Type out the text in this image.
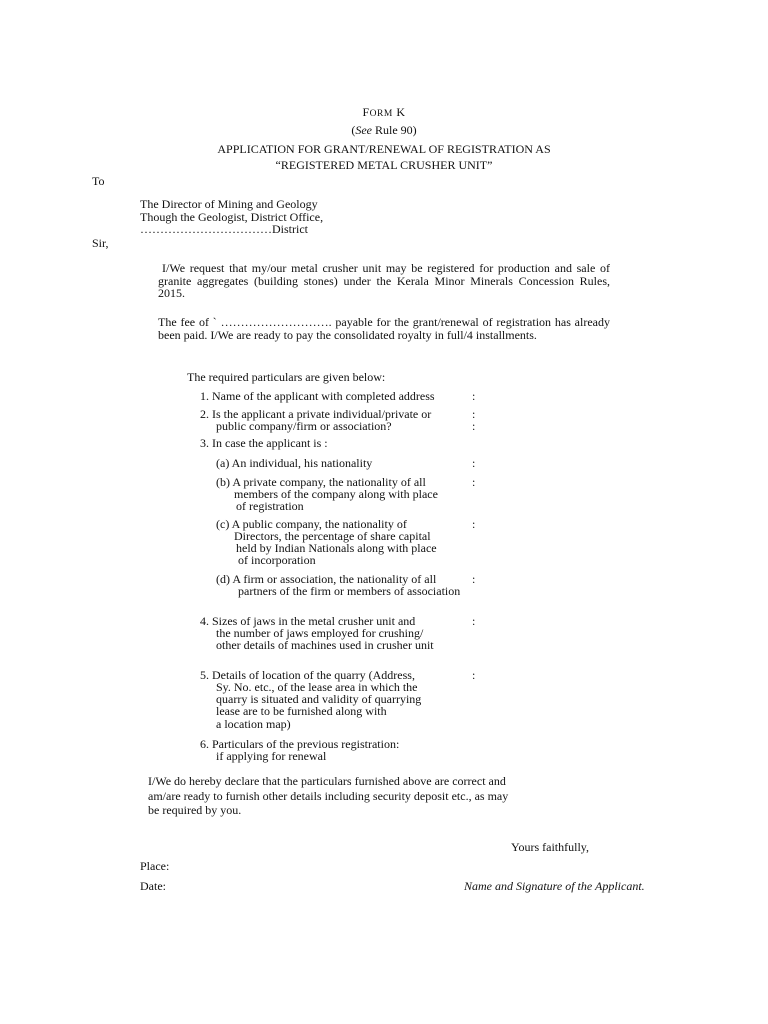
FORM K
(See Rule 90)
APPLICATION FOR GRANT/RENEWAL OF REGISTRATION AS
“REGISTERED METAL CRUSHER UNIT”
To
The Director of Mining and Geology
Though the Geologist, District Office,
……………………………District
Sir,
I/We request that my/our metal crusher unit may be registered for production and sale of granite aggregates (building stones) under the Kerala Minor Minerals Concession Rules, 2015.
The fee of ` ………………………. payable for the grant/renewal of registration has already been paid. I/We are ready to pay the consolidated royalty in full/4 installments.
The required particulars are given below:
1. Name of the applicant with completed address	:
2. Is the applicant a private individual/private or	:
public company/firm or association?	:
3. In case the applicant is :
(a) An individual, his nationality	:
(b) A private company, the nationality of all	:
members of the company along with place
of registration
(c) A public company, the nationality of	:
Directors, the percentage of share capital
held by Indian Nationals along with place
of incorporation
(d) A firm or association, the nationality of all	:
partners of the firm or members of association
4. Sizes of jaws in the metal crusher unit and	:
the number of jaws employed for crushing/
other details of machines used in crusher unit
5. Details of location of the quarry (Address,	:
Sy. No. etc., of the lease area in which the
quarry is situated and validity of quarrying
lease are to be furnished along with
a location map)
6. Particulars of the previous registration:
if applying for renewal
I/We do hereby declare that the particulars furnished above are correct and
am/are ready to furnish other details including security deposit etc., as may
be required by you.
Yours faithfully,
Place:
Date:	Name and Signature of the Applicant.
